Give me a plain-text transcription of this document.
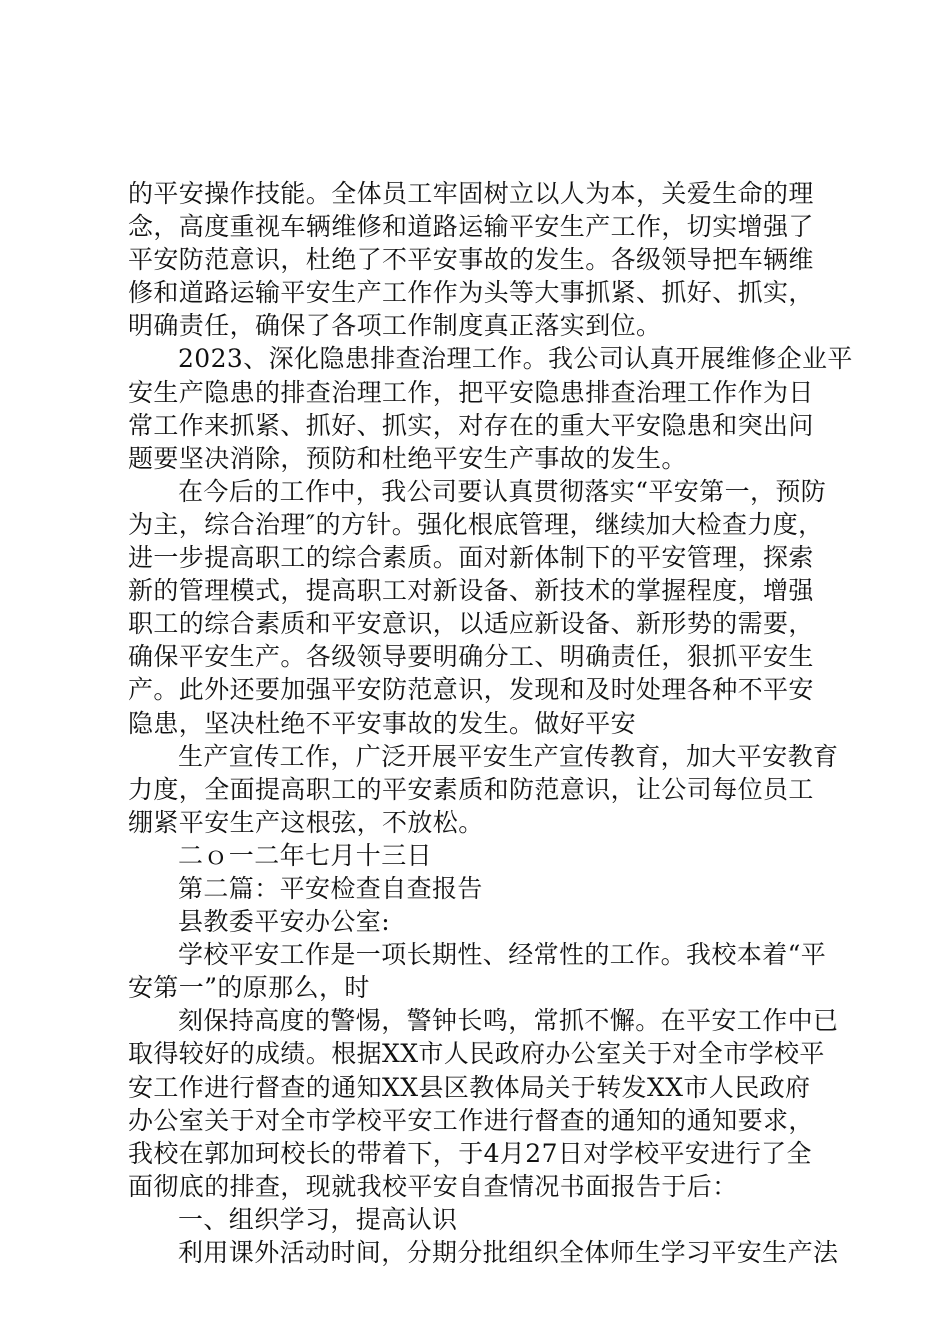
的平安操作技能。全体员工牢固树立以人为本，关爱生命的理
念，高度重视车辆维修和道路运输平安生产工作，切实增强了
平安防范意识，杜绝了不平安事故的发生。各级领导把车辆维
修和道路运输平安生产工作作为头等大事抓紧、抓好、抓实，
明确责任，确保了各项工作制度真正落实到位。
2023、深化隐患排查治理工作。我公司认真开展维修企业平
安生产隐患的排查治理工作，把平安隐患排查治理工作作为日
常工作来抓紧、抓好、抓实，对存在的重大平安隐患和突出问
题要坚决消除，预防和杜绝平安生产事故的发生。
在今后的工作中，我公司要认真贯彻落实“平安第一，预防
为主，综合治理″的方针。强化根底管理，继续加大检查力度，
进一步提高职工的综合素质。面对新体制下的平安管理，探索
新的管理模式，提高职工对新设备、新技术的掌握程度，增强
职工的综合素质和平安意识，以适应新设备、新形势的需要，
确保平安生产。各级领导要明确分工、明确责任，狠抓平安生
产。此外还要加强平安防范意识，发现和及时处理各种不平安
隐患，坚决杜绝不平安事故的发生。做好平安
生产宣传工作，广泛开展平安生产宣传教育，加大平安教育
力度，全面提高职工的平安素质和防范意识，让公司每位员工
绷紧平安生产这根弦，不放松。
二ｏ一二年七月十三日
第二篇：平安检查自查报告
县教委平安办公室:
学校平安工作是一项长期性、经常性的工作。我校本着“平
安第一”的原那么，时
刻保持高度的警惕，警钟长鸣，常抓不懈。在平安工作中已
取得较好的成绩。根据XX市人民政府办公室关于对全市学校平
安工作进行督查的通知XX县区教体局关于转发XX市人民政府
办公室关于对全市学校平安工作进行督查的通知的通知要求，
我校在郭加珂校长的带着下，于4月27日对学校平安进行了全
面彻底的排查，现就我校平安自查情况书面报告于后：
一、组织学习，提高认识
利用课外活动时间，分期分批组织全体师生学习平安生产法
